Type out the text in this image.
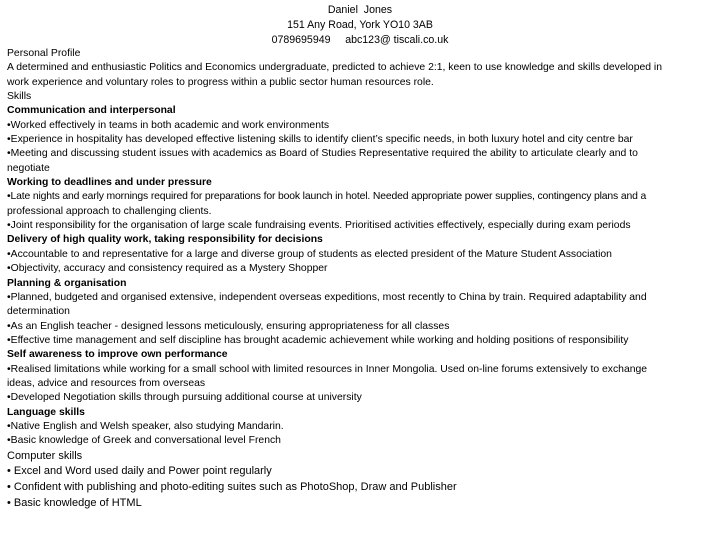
Daniel  Jones
151 Any Road, York YO10 3AB
0789695949     abc123@ tiscali.co.uk
Personal Profile
A determined and enthusiastic Politics and Economics undergraduate, predicted to achieve 2:1, keen to use knowledge and skills developed in
work experience and voluntary roles to progress within a public sector human resources role.
Skills
Communication and interpersonal
•Worked effectively in teams in both academic and work environments
•Experience in hospitality has developed effective listening skills to identify client’s specific needs, in both luxury hotel and city centre bar
•Meeting and discussing student issues with academics as Board of Studies Representative required the ability to articulate clearly and to
negotiate
Working to deadlines and under pressure
•Late nights and early mornings required for preparations for book launch in hotel. Needed appropriate power supplies, contingency plans and a
professional approach to challenging clients.
•Joint responsibility for the organisation of large scale fundraising events. Prioritised activities effectively, especially during exam periods
Delivery of high quality work, taking responsibility for decisions
•Accountable to and representative for a large and diverse group of students as elected president of the Mature Student Association
•Objectivity, accuracy and consistency required as a Mystery Shopper
Planning & organisation
•Planned, budgeted and organised extensive, independent overseas expeditions, most recently to China by train. Required adaptability and
determination
•As an English teacher - designed lessons meticulously, ensuring appropriateness for all classes
•Effective time management and self discipline has brought academic achievement while working and holding positions of responsibility
Self awareness to improve own performance
•Realised limitations while working for a small school with limited resources in Inner Mongolia. Used on-line forums extensively to exchange
ideas, advice and resources from overseas
•Developed Negotiation skills through pursuing additional course at university
Language skills
•Native English and Welsh speaker, also studying Mandarin.
•Basic knowledge of Greek and conversational level French
Computer skills
• Excel and Word used daily and Power point regularly
• Confident with publishing and photo-editing suites such as PhotoShop, Draw and Publisher
• Basic knowledge of HTML
